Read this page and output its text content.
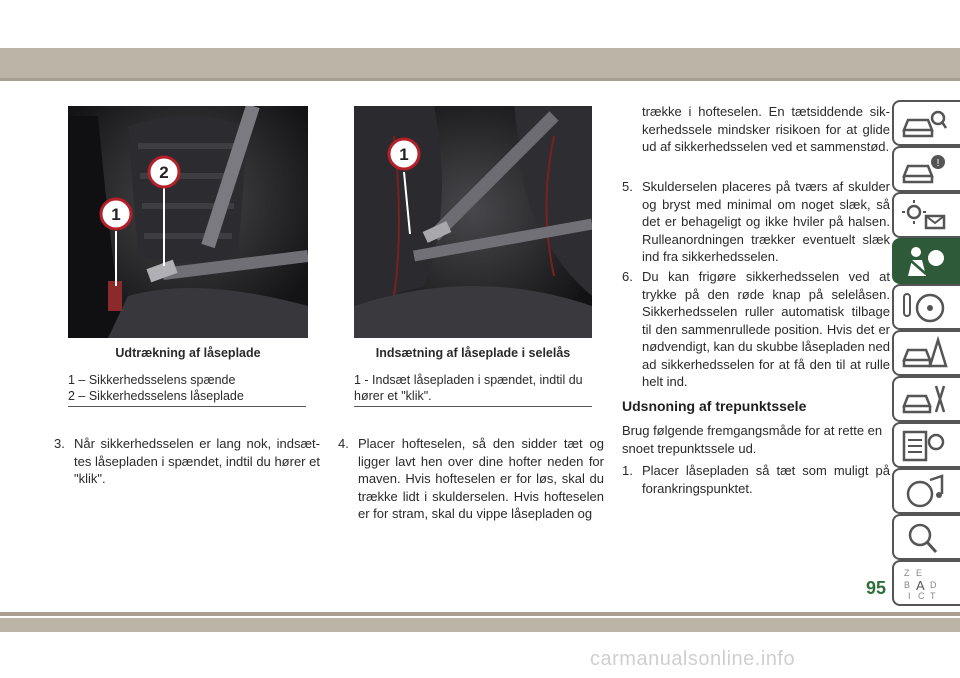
1
2
Udtrækning af låseplade
1 – Sikkerhedsselens spænde
2 – Sikkerhedsselens låseplade
1
Indsætning af låseplade i selelås
1 - Indsæt låsepladen i spændet, indtil du hører et "klik".
3. Når sikkerhedsselen er lang nok, indsættes låsepladen i spændet, indtil du hører et "klik".
4. Placer hofteselen, så den sidder tæt og ligger lavt hen over dine hofter neden for maven. Hvis hofteselen er for løs, skal du trække lidt i skulderselen. Hvis hofteselen er for stram, skal du vippe låsepladen og
trække i hofteselen. En tætsiddende sikkerhedssele mindsker risikoen for at glide ud af sikkerhedsselen ved et sammenstød.
5. Skulderselen placeres på tværs af skulder og bryst med minimal om noget slæk, så det er behageligt og ikke hviler på halsen. Rulleanordningen trækker eventuelt slæk ind fra sikkerhedsselen.
6. Du kan frigøre sikkerhedsselen ved at trykke på den røde knap på selelåsen. Sikkerhedsselen ruller automatisk tilbage til den sammenrullede position. Hvis det er nødvendigt, kan du skubbe låsepladen ned ad sikkerhedsselen for at få den til at rulle helt ind.
Udsnoning af trepunktssele
Brug følgende fremgangsmåde for at rette en snoet trepunktssele ud.
1. Placer låsepladen så tæt som muligt på forankringspunktet.
!
Z E
B A D
I C T
95
carmanualsonline.info
